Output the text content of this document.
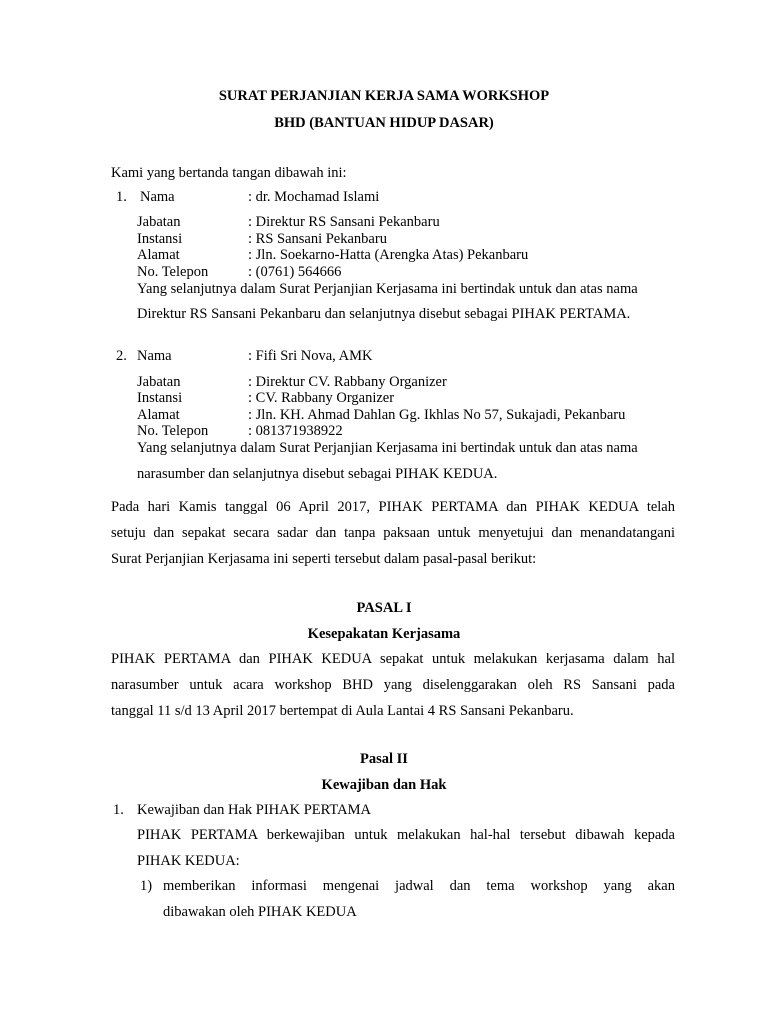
SURAT PERJANJIAN KERJA SAMA WORKSHOP
BHD (BANTUAN HIDUP DASAR)
Kami yang bertanda tangan dibawah ini:
1. Nama	: dr. Mochamad Islami
Jabatan	: Direktur RS Sansani Pekanbaru
Instansi	: RS Sansani Pekanbaru
Alamat	: Jln. Soekarno-Hatta (Arengka Atas) Pekanbaru
No. Telepon	: (0761) 564666
Yang selanjutnya dalam Surat Perjanjian Kerjasama ini bertindak untuk dan atas nama
Direktur RS Sansani Pekanbaru dan selanjutnya disebut sebagai PIHAK PERTAMA.
2. Nama	: Fifi Sri Nova, AMK
Jabatan	: Direktur CV. Rabbany Organizer
Instansi	: CV. Rabbany Organizer
Alamat	: Jln. KH. Ahmad Dahlan Gg. Ikhlas No 57, Sukajadi, Pekanbaru
No. Telepon	: 081371938922
Yang selanjutnya dalam Surat Perjanjian Kerjasama ini bertindak untuk dan atas nama
narasumber dan selanjutnya disebut sebagai PIHAK KEDUA.
Pada hari Kamis tanggal 06 April 2017, PIHAK PERTAMA dan PIHAK KEDUA telah
setuju dan sepakat secara sadar dan tanpa paksaan untuk menyetujui dan menandatangani
Surat Perjanjian Kerjasama ini seperti tersebut dalam pasal-pasal berikut:
PASAL I
Kesepakatan Kerjasama
PIHAK PERTAMA dan PIHAK KEDUA sepakat untuk melakukan kerjasama dalam hal
narasumber untuk acara workshop BHD yang diselenggarakan oleh RS Sansani pada
tanggal 11 s/d 13 April 2017 bertempat di Aula Lantai 4 RS Sansani Pekanbaru.
Pasal II
Kewajiban dan Hak
1. Kewajiban dan Hak PIHAK PERTAMA
PIHAK PERTAMA berkewajiban untuk melakukan hal-hal tersebut dibawah kepada
PIHAK KEDUA:
1) memberikan informasi mengenai jadwal dan tema workshop yang akan
dibawakan oleh PIHAK KEDUA
